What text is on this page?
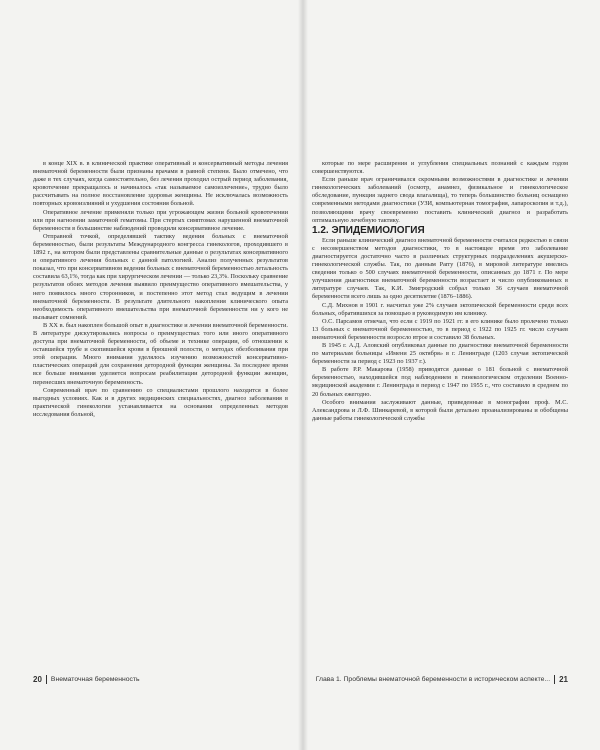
в конце XIX в. в клинической практике оперативный и консервативный методы лечения внематочной беременности были признаны врачами в равной степени. Было отмечено, что даже в тех случаях, когда самостоятельно, без лечения проходил острый период заболевания, кровотечение прекращалось и начиналось «так называемое самоизлечение», трудно было рассчитывать на полное восстановление здоровья женщины. Не исключалась возможность повторных кровоизлияний и ухудшения состояния больной.

Оперативное лечение применяли только при угрожающем жизни больной кровотечении или при нагноении заматочной гематомы. При стертых симптомах нарушенной внематочной беременности в большинстве наблюдений проводили консервативное лечение.

Отправной точкой, определявшей тактику ведения больных с внематочной беременностью, были результаты Международного конгресса гинекологов, проходившего в 1892 г., на котором были представлены сравнительные данные о результатах консервативного и оперативного лечения больных с данной патологией. Анализ полученных результатов показал, что при консервативном ведении больных с внематочной беременностью летальность составила 63,1%, тогда как при хирургическом лечении — только 23,3%. Поскольку сравнение результатов обоих методов лечения выявило преимущество оперативного вмешательства, у него появилось много сторонников, и постепенно этот метод стал ведущим в лечении внематочной беременности. В результате длительного накопления клинического опыта необходимость оперативного вмешательства при внематочной беременности ни у кого не вызывает сомнений.

В XX в. был накоплен большой опыт в диагностике и лечении внематочной беременности. В литературе дискутировались вопросы о преимуществах того или иного оперативного доступа при внематочной беременности, об объеме и технике операции, об отношении к оставшейся трубе и скопившейся крови в брюшной полости, о методах обезболивания при этой операции. Много внимания уделялось изучению возможностей консервативно-пластических операций для сохранения детородной функции женщины. За последнее время все больше внимания уделяется вопросам реабилитации детородной функции женщин, перенесших внематочную беременность.

Современный врач по сравнению со специалистами прошлого находится в более выгодных условиях. Как и в других медицинских специальностях, диагноз заболевания в практической гинекологии устанавливается на основании определенных методов исследования больной,

которые по мере расширения и углубления специальных познаний с каждым годом совершенствуются.

Если раньше врач ограничивался скромными возможностями в диагностике и лечении гинекологических заболеваний (осмотр, анамнез, физикальное и гинекологическое обследование, пункция заднего свода влагалища), то теперь большинство больниц оснащено современными методами диагностики (УЗИ, компьютерная томография, лапароскопия и т.д.), позволяющими врачу своевременно поставить клинический диагноз и разработать оптимальную лечебную тактику.

1.2. ЭПИДЕМИОЛОГИЯ

Если раньше клинический диагноз внематочной беременности считался редкостью в связи с несовершенством методов диагностики, то в настоящее время это заболевание диагностируется достаточно часто в различных структурных подразделениях акушерско-гинекологической службы. Так, по данным Parry (1876), в мировой литературе имелись сведения только о 500 случаях внематочной беременности, описанных до 1871 г. По мере улучшения диагностики внематочной беременности возрастает и число опубликованных в литературе случаев. Так, К.И. Змигродский собрал только 36 случаев внематочной беременности всего лишь за одно десятилетие (1876–1886).

С.Д. Михнов в 1901 г. насчитал уже 2% случаев эктопической беременности среди всех больных, обратившихся за помощью в руководимую им клинику.

О.С. Парсамов отмечал, что если с 1919 по 1921 гг. в его клинике было пролечено только 13 больных с внематочной беременностью, то в период с 1922 по 1925 гг. число случаев внематочной беременности возросло втрое и составило 38 больных.

В 1945 г. А.Д. Аловский опубликовал данные по диагностике внематочной беременности по материалам больницы «Имени 25 октября» в г. Ленинграде (1203 случая эктопической беременности за период с 1923 по 1937 г.).

В работе Р.Р. Макарова (1958) приводятся данные о 181 больной с внематочной беременностью, находившейся под наблюдением в гинекологическом отделении Военно-медицинской академии г. Ленинграда в период с 1947 по 1955 г., что составило в среднем по 20 больных ежегодно.

Особого внимания заслуживают данные, приведенные в монографии проф. М.С. Александрова и Л.Ф. Шинкаревой, в которой были детально проанализированы и обобщены данные работы гинекологической службы

20 Внематочная беременность	Глава 1. Проблемы внематочной беременности в историческом аспекте... 21
